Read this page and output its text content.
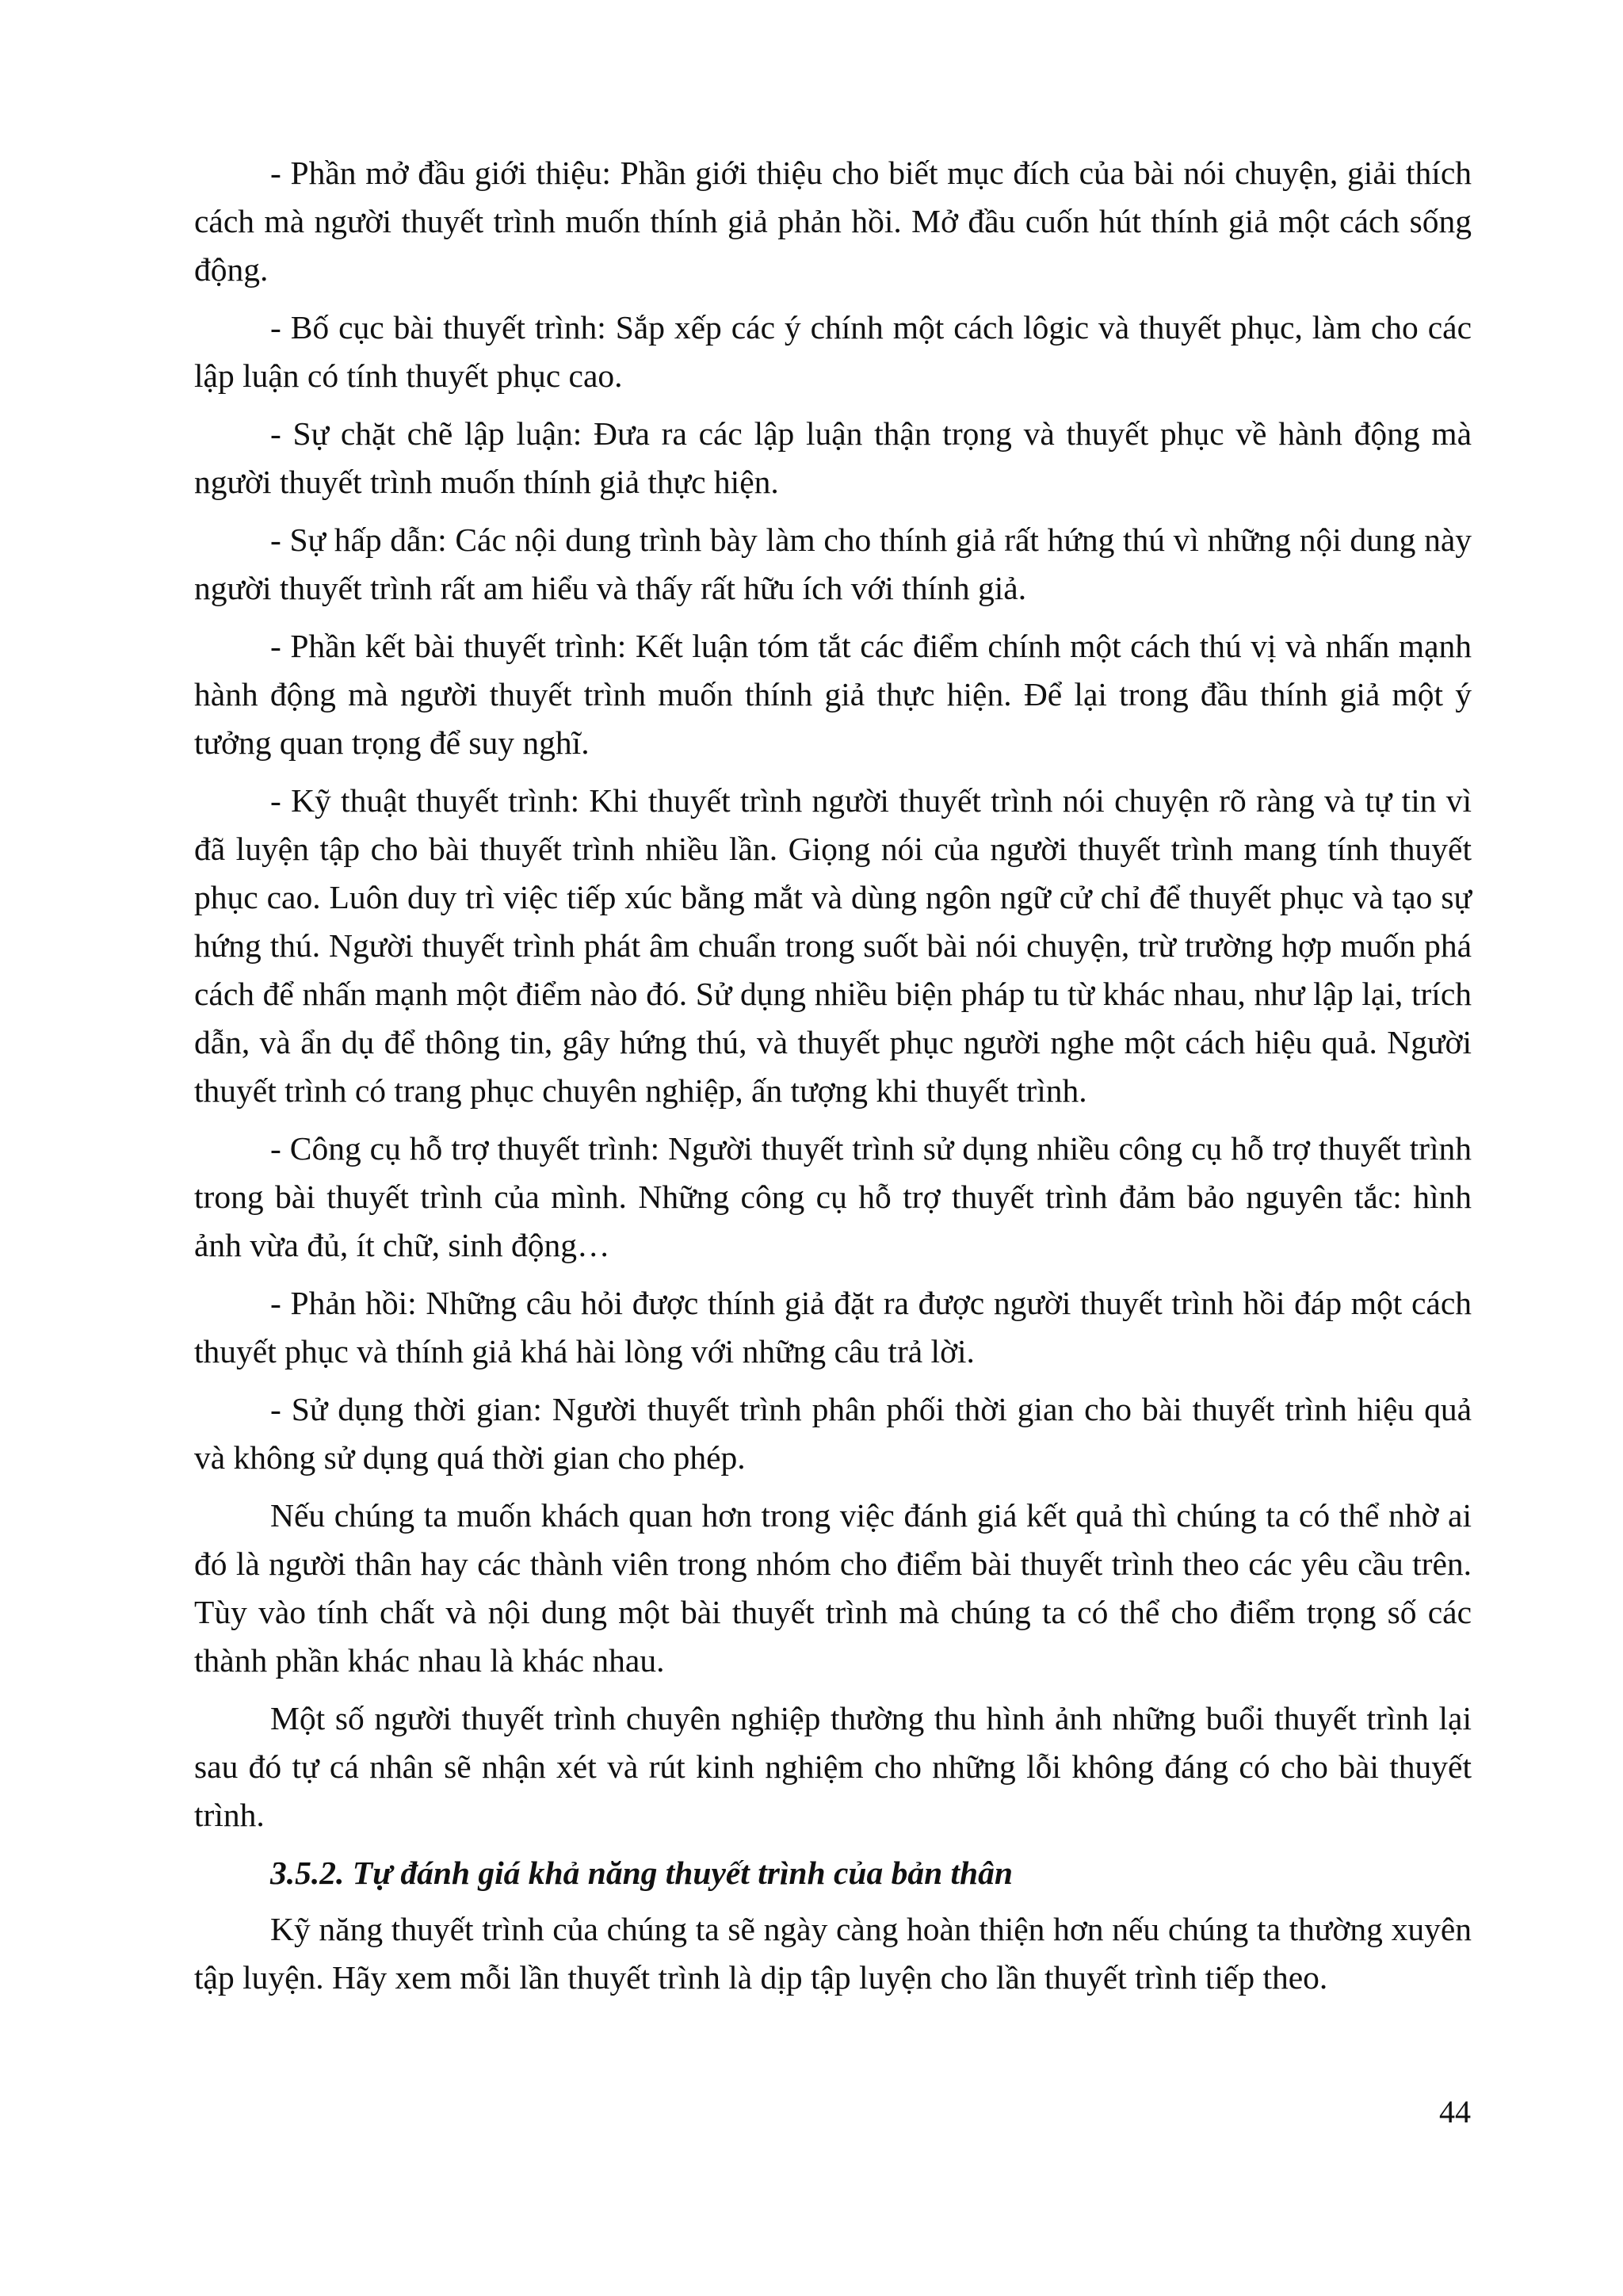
- Phần mở đầu giới thiệu: Phần giới thiệu cho biết mục đích của bài nói chuyện, giải thích cách mà người thuyết trình muốn thính giả phản hồi. Mở đầu cuốn hút thính giả một cách sống động.

- Bố cục bài thuyết trình: Sắp xếp các ý chính một cách lôgic và thuyết phục, làm cho các lập luận có tính thuyết phục cao.

- Sự chặt chẽ lập luận: Đưa ra các lập luận thận trọng và thuyết phục về hành động mà người thuyết trình muốn thính giả thực hiện.

- Sự hấp dẫn: Các nội dung trình bày làm cho thính giả rất hứng thú vì những nội dung này người thuyết trình rất am hiểu và thấy rất hữu ích với thính giả.

- Phần kết bài thuyết trình: Kết luận tóm tắt các điểm chính một cách thú vị và nhấn mạnh hành động mà người thuyết trình muốn thính giả thực hiện. Để lại trong đầu thính giả một ý tưởng quan trọng để suy nghĩ.

- Kỹ thuật thuyết trình: Khi thuyết trình người thuyết trình nói chuyện rõ ràng và tự tin vì đã luyện tập cho bài thuyết trình nhiều lần. Giọng nói của người thuyết trình mang tính thuyết phục cao. Luôn duy trì việc tiếp xúc bằng mắt và dùng ngôn ngữ cử chỉ để thuyết phục và tạo sự hứng thú. Người thuyết trình phát âm chuẩn trong suốt bài nói chuyện, trừ trường hợp muốn phá cách để nhấn mạnh một điểm nào đó. Sử dụng nhiều biện pháp tu từ khác nhau, như lập lại, trích dẫn, và ẩn dụ để thông tin, gây hứng thú, và thuyết phục người nghe một cách hiệu quả. Người thuyết trình có trang phục chuyên nghiệp, ấn tượng khi thuyết trình.

- Công cụ hỗ trợ thuyết trình: Người thuyết trình sử dụng nhiều công cụ hỗ trợ thuyết trình trong bài thuyết trình của mình. Những công cụ hỗ trợ thuyết trình đảm bảo nguyên tắc: hình ảnh vừa đủ, ít chữ, sinh động…

- Phản hồi: Những câu hỏi được thính giả đặt ra được người thuyết trình hồi đáp một cách thuyết phục và thính giả khá hài lòng với những câu trả lời.

- Sử dụng thời gian: Người thuyết trình phân phối thời gian cho bài thuyết trình hiệu quả và không sử dụng quá thời gian cho phép.

Nếu chúng ta muốn khách quan hơn trong việc đánh giá kết quả thì chúng ta có thể nhờ ai đó là người thân hay các thành viên trong nhóm cho điểm bài thuyết trình theo các yêu cầu trên. Tùy vào tính chất và nội dung một bài thuyết trình mà chúng ta có thể cho điểm trọng số các thành phần khác nhau là khác nhau.

Một số người thuyết trình chuyên nghiệp thường thu hình ảnh những buổi thuyết trình lại sau đó tự cá nhân sẽ nhận xét và rút kinh nghiệm cho những lỗi không đáng có cho bài thuyết trình.

3.5.2. Tự đánh giá khả năng thuyết trình của bản thân

Kỹ năng thuyết trình của chúng ta sẽ ngày càng hoàn thiện hơn nếu chúng ta thường xuyên tập luyện. Hãy xem mỗi lần thuyết trình là dịp tập luyện cho lần thuyết trình tiếp theo.

44
